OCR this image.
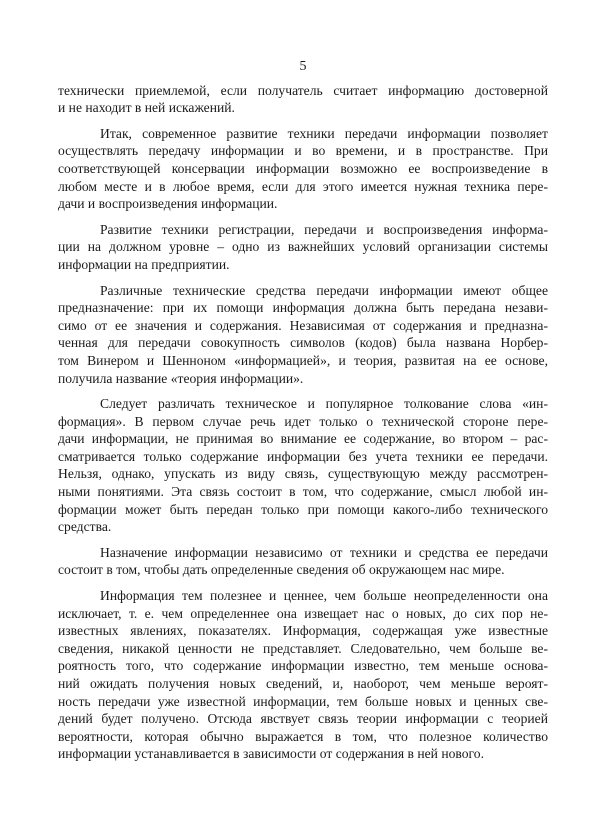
5
технически приемлемой, если получатель считает информацию достоверной
и не находит в ней искажений.
Итак, современное развитие техники передачи информации позволяет
осуществлять передачу информации и во времени, и в пространстве. При
соответствующей консервации информации возможно ее воспроизведение в
любом месте и в любое время, если для этого имеется нужная техника пере-
дачи и воспроизведения информации.
Развитие техники регистрации, передачи и воспроизведения информа-
ции на должном уровне – одно из важнейших условий организации системы
информации на предприятии.
Различные технические средства передачи информации имеют общее
предназначение: при их помощи информация должна быть передана незави-
симо от ее значения и содержания. Независимая от содержания и предназна-
ченная для передачи совокупность символов (кодов) была названа Норбер-
том Винером и Шенноном «информацией», и теория, развитая на ее основе,
получила название «теория информации».
Следует различать техническое и популярное толкование слова «ин-
формация». В первом случае речь идет только о технической стороне пере-
дачи информации, не принимая во внимание ее содержание, во втором – рас-
сматривается только содержание информации без учета техники ее передачи.
Нельзя, однако, упускать из виду связь, существующую между рассмотрен-
ными понятиями. Эта связь состоит в том, что содержание, смысл любой ин-
формации может быть передан только при помощи какого-либо технического
средства.
Назначение информации независимо от техники и средства ее передачи
состоит в том, чтобы дать определенные сведения об окружающем нас мире.
Информация тем полезнее и ценнее, чем больше неопределенности она
исключает, т. е. чем определеннее она извещает нас о новых, до сих пор не-
известных явлениях, показателях. Информация, содержащая уже известные
сведения, никакой ценности не представляет. Следовательно, чем больше ве-
роятность того, что содержание информации известно, тем меньше основа-
ний ожидать получения новых сведений, и, наоборот, чем меньше вероят-
ность передачи уже известной информации, тем больше новых и ценных све-
дений будет получено. Отсюда явствует связь теории информации с теорией
вероятности, которая обычно выражается в том, что полезное количество
информации устанавливается в зависимости от содержания в ней нового.
